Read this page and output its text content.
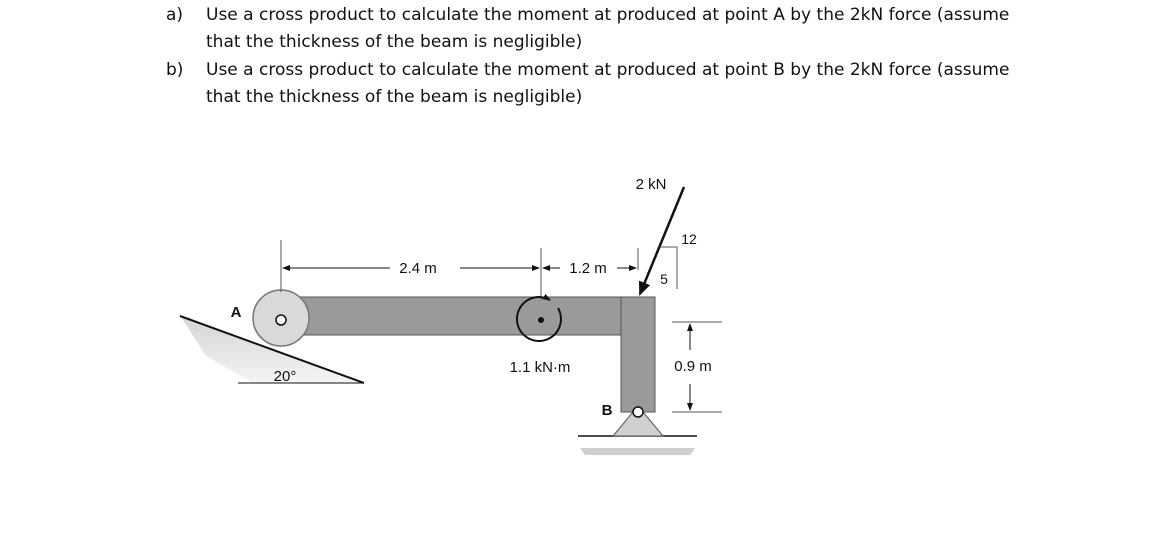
a)	Use a cross product to calculate the moment at produced at point A by the 2kN force (assume
that the thickness of the beam is negligible)
b)	Use a cross product to calculate the moment at produced at point B by the 2kN force (assume
that the thickness of the beam is negligible)
A
B
20°
2.4 m	1.2 m
0.9 m
2 kN
12
5
1.1 kN·m
